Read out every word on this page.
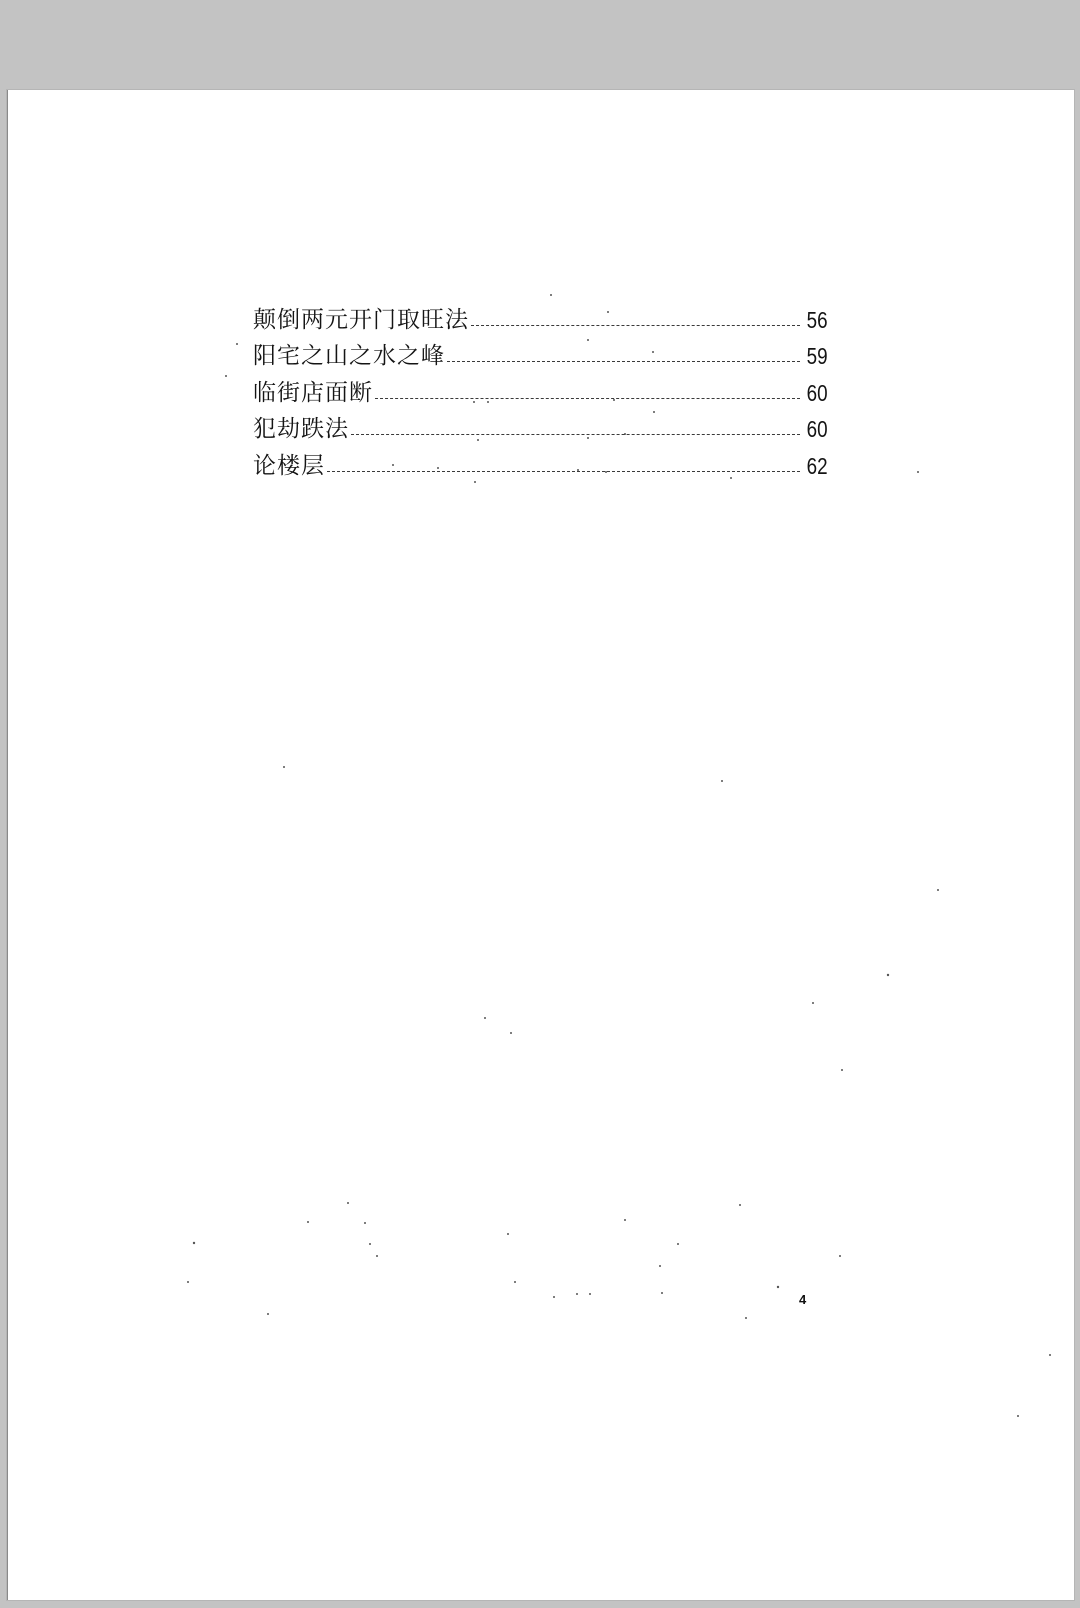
颠倒两元开门取旺法	56
阳宅之山之水之峰	59
临街店面断	60
犯劫跌法	60
论楼层	62
4
